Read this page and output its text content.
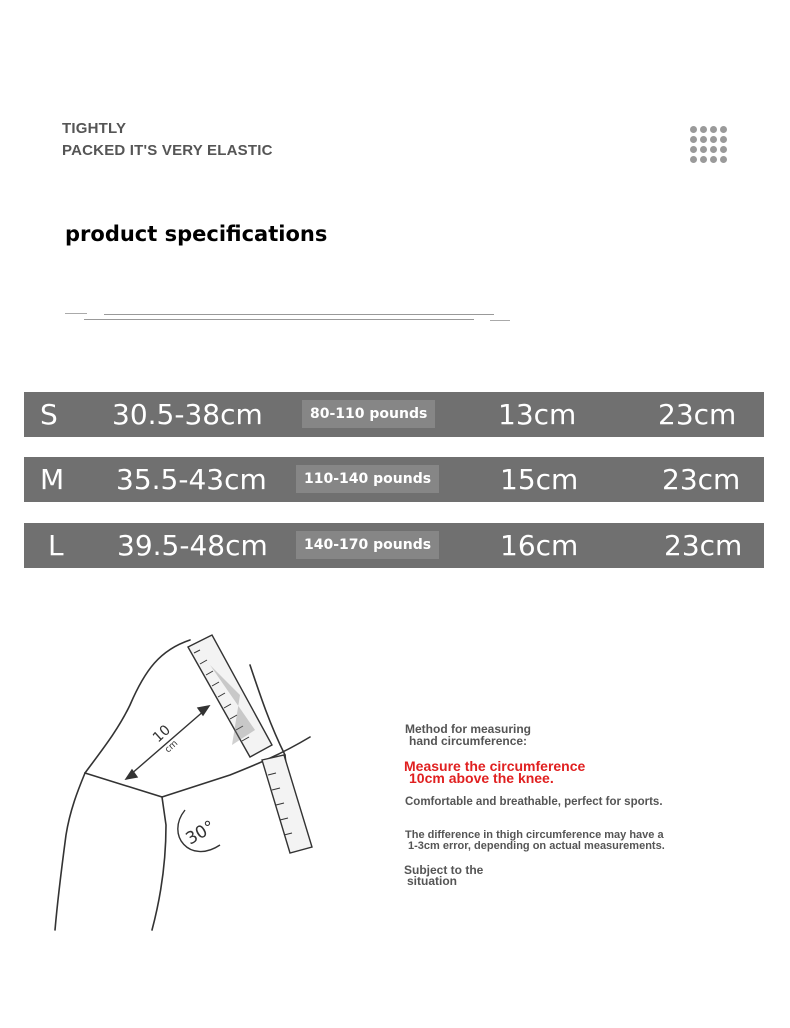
TIGHTLY
PACKED IT'S VERY ELASTIC
product specifications
S 30.5-38cm	80-110 pounds	13cm	23cm
M 35.5-43cm	110-140 pounds 15cm	23cm
L 39.5-48cm	140-170 pounds 16cm	23cm
10
cm
30°
Method for measuring
hand circumference:
Measure the circumference
10cm above the knee.
Comfortable and breathable, perfect for sports.
The difference in thigh circumference may have a
1-3cm error, depending on actual measurements.
Subject to the
situation
